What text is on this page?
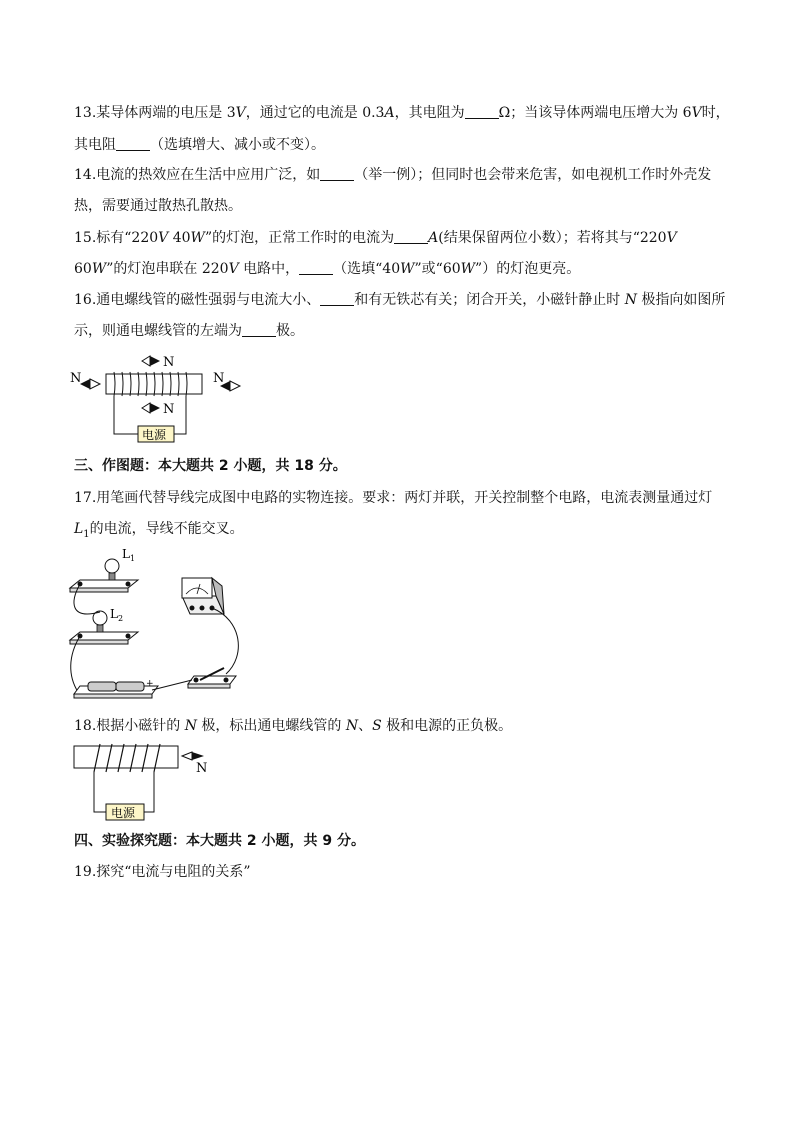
13.某导体两端的电压是 3V，通过它的电流是 0.3A，其电阻为 Ω；当该导体两端电压增大为 6V时，
其电阻 （选填增大、减小或不变）。
14.电流的热效应在生活中应用广泛，如 （举一例）；但同时也会带来危害，如电视机工作时外壳发
热，需要通过散热孔散热。
15.标有“220V 40W”的灯泡，正常工作时的电流为 A(结果保留两位小数）；若将其与“220V
60W”的灯泡串联在 220V 电路中， （选填“40W”或“60W”）的灯泡更亮。
16.通电螺线管的磁性强弱与电流大小、 和有无铁芯有关；闭合开关，小磁针静止时 N 极指向如图所
示，则通电螺线管的左端为 极。
N
N	N
N
电源
三、作图题：本大题共 2 小题，共 18 分。
17.用笔画代替导线完成图中电路的实物连接。要求：两灯并联，开关控制整个电路，电流表测量通过灯
$L_1$的电流，导线不能交叉。
$L_1$
$L_2$
+
18.根据小磁针的 N 极，标出通电螺线管的 N、S 极和电源的正负极。
N
电源
四、实验探究题：本大题共 2 小题，共 9 分。
19.探究“电流与电阻的关系”
